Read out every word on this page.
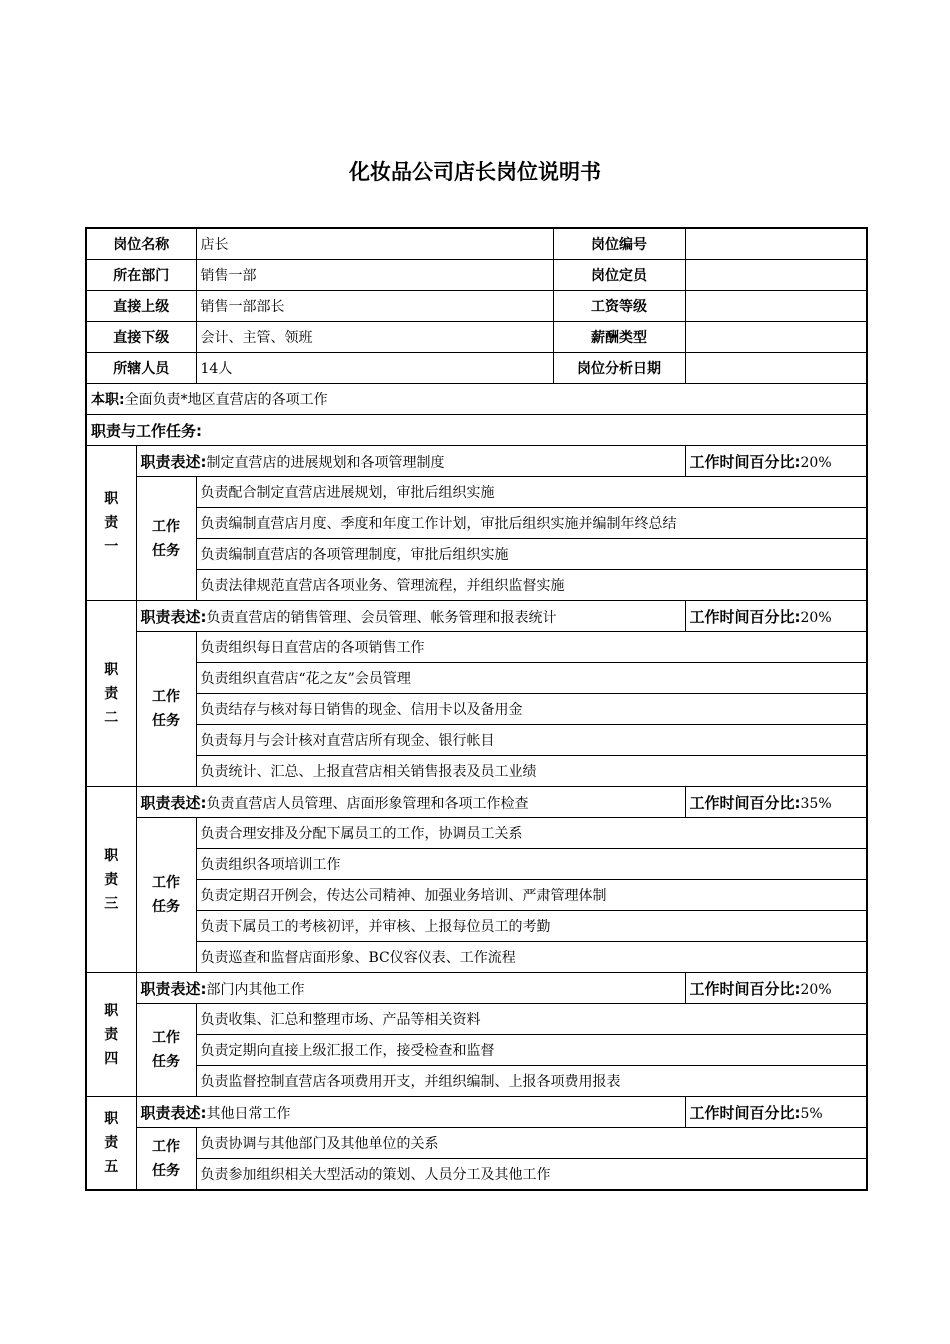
化妆品公司店长岗位说明书
岗位名称		店长	岗位编号	
所在部门		销售一部	岗位定员	
直接上级		销售一部部长	工资等级	
直接下级		会计、主管、领班	薪酬类型	
所辖人员		14人	岗位分析日期	
本职:全面负责*地区直营店的各项工作				
职责与工作任务:				

职
责
一	职责表述:制定直营店的进展规划和各项管理制度			工作时间百分比:20%

	工作
任务	负责配合制定直营店进展规划，审批后组织实施		
		负责编制直营店月度、季度和年度工作计划，审批后组织实施并编制年终总结		
		负责编制直营店的各项管理制度，审批后组织实施		
		负责法律规范直营店各项业务、管理流程，并组织监督实施		

职
责
二	职责表述:负责直营店的销售管理、会员管理、帐务管理和报表统计			工作时间百分比:20%

	工作
任务	负责组织每日直营店的各项销售工作		
		负责组织直营店“花之友”会员管理		
		负责结存与核对每日销售的现金、信用卡以及备用金		
		负责每月与会计核对直营店所有现金、银行帐目		
		负责统计、汇总、上报直营店相关销售报表及员工业绩		

职
责
三	职责表述:负责直营店人员管理、店面形象管理和各项工作检查			工作时间百分比:35%

	工作
任务	负责合理安排及分配下属员工的工作，协调员工关系		
		负责组织各项培训工作		
		负责定期召开例会，传达公司精神、加强业务培训、严肃管理体制		
		负责下属员工的考核初评，并审核、上报每位员工的考勤		
		负责巡查和监督店面形象、BC仪容仪表、工作流程		

职
责
四	职责表述:部门内其他工作			工作时间百分比:20%

	工作
任务	负责收集、汇总和整理市场、产品等相关资料		
		负责定期向直接上级汇报工作，接受检查和监督		
		负责监督控制直营店各项费用开支，并组织编制、上报各项费用报表		

职
责
五	职责表述:其他日常工作			工作时间百分比:5%

	工作
任务	负责协调与其他部门及其他单位的关系		
		负责参加组织相关大型活动的策划、人员分工及其他工作		
